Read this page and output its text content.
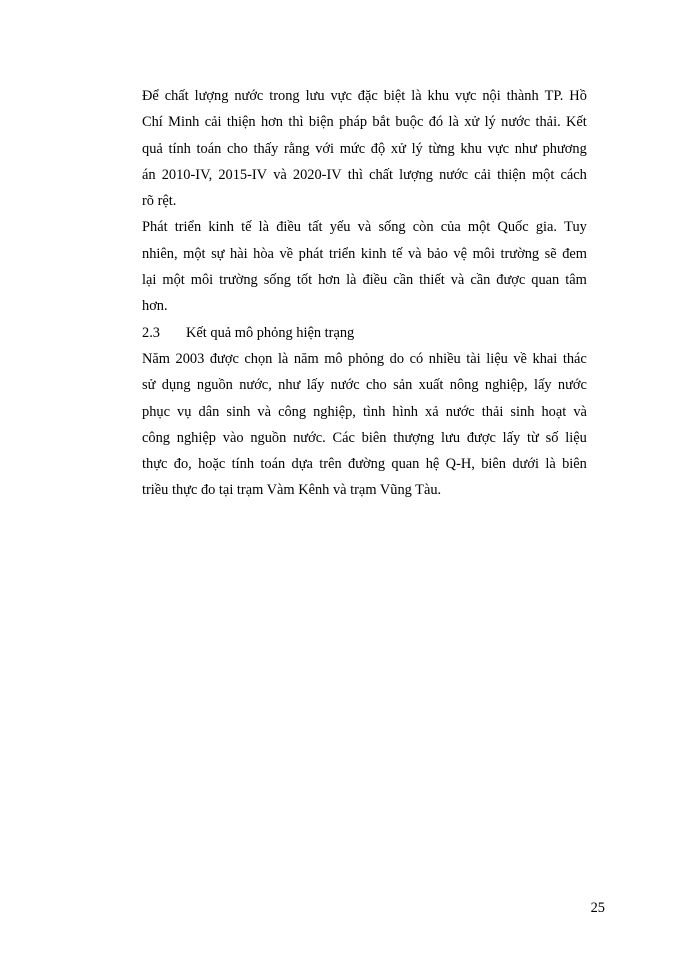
Để chất lượng nước trong lưu vực đặc biệt là khu vực nội thành TP. Hồ
Chí Minh cải thiện hơn thì biện pháp bắt buộc đó là xử lý nước thải. Kết
quả tính toán cho thấy rằng với mức độ xử lý từng khu vực như phương
án 2010-IV, 2015-IV và 2020-IV thì chất lượng nước cải thiện một cách
rõ rệt.
Phát triển kinh tế là điều tất yếu và sống còn của một Quốc gia. Tuy
nhiên, một sự hài hòa về phát triển kinh tế và bảo vệ môi trường sẽ đem
lại một môi trường sống tốt hơn là điều cần thiết và cần được quan tâm
hơn.
2.3	Kết quả mô phỏng hiện trạng
Năm 2003 được chọn là năm mô phỏng do có nhiều tài liệu về khai thác
sử dụng nguồn nước, như lấy nước cho sản xuất nông nghiệp, lấy nước
phục vụ dân sinh và công nghiệp, tình hình xả nước thải sinh hoạt và
công nghiệp vào nguồn nước. Các biên thượng lưu được lấy từ số liệu
thực đo, hoặc tính toán dựa trên đường quan hệ Q-H, biên dưới là biên
triều thực đo tại trạm Vàm Kênh và trạm Vũng Tàu.
25
